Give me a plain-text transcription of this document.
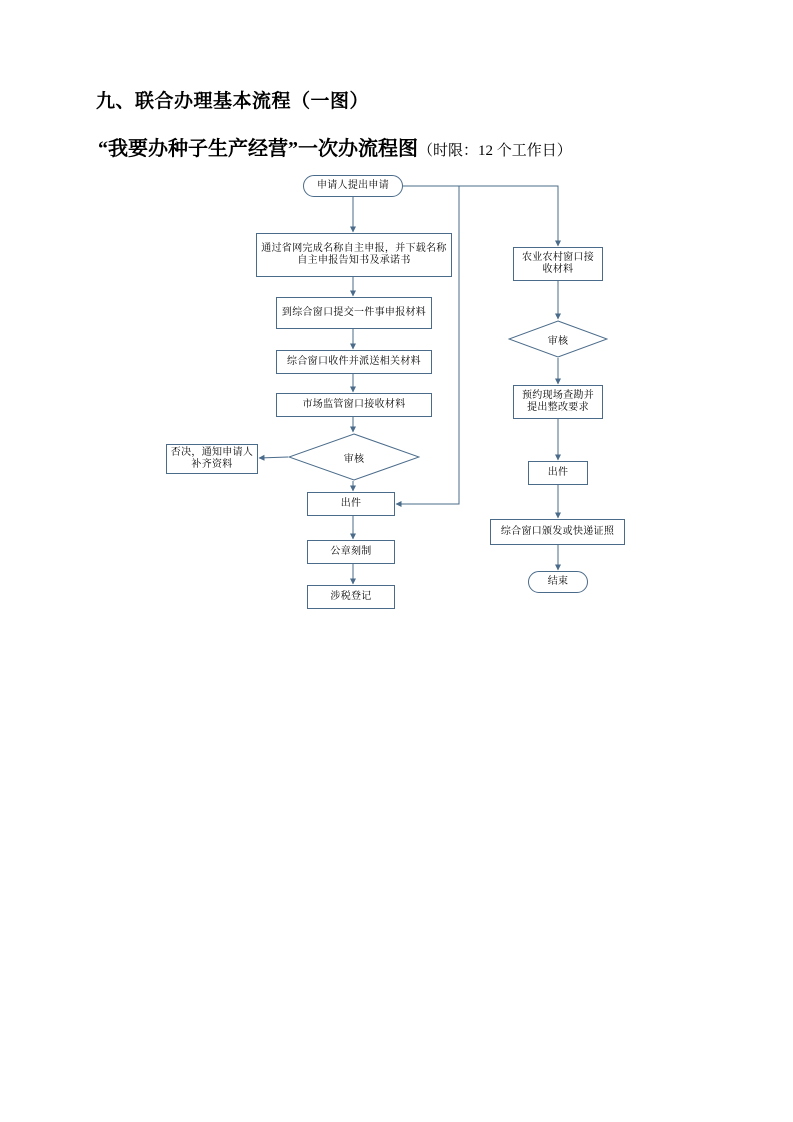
九、联合办理基本流程（一图）
“我要办种子生产经营”一次办流程图（时限：12 个工作日）
申请人提出申请
通过省网完成名称自主申报，并下载名称自主申报告知书及承诺书
到综合窗口提交一件事申报材料
综合窗口收件并派送相关材料
市场监管窗口接收材料
审核
否决，通知申请人补齐资料
出件
公章刻制
涉税登记
农业农村窗口接收材料
审核
预约现场查勘并提出整改要求
出件
综合窗口颁发或快递证照
结束
